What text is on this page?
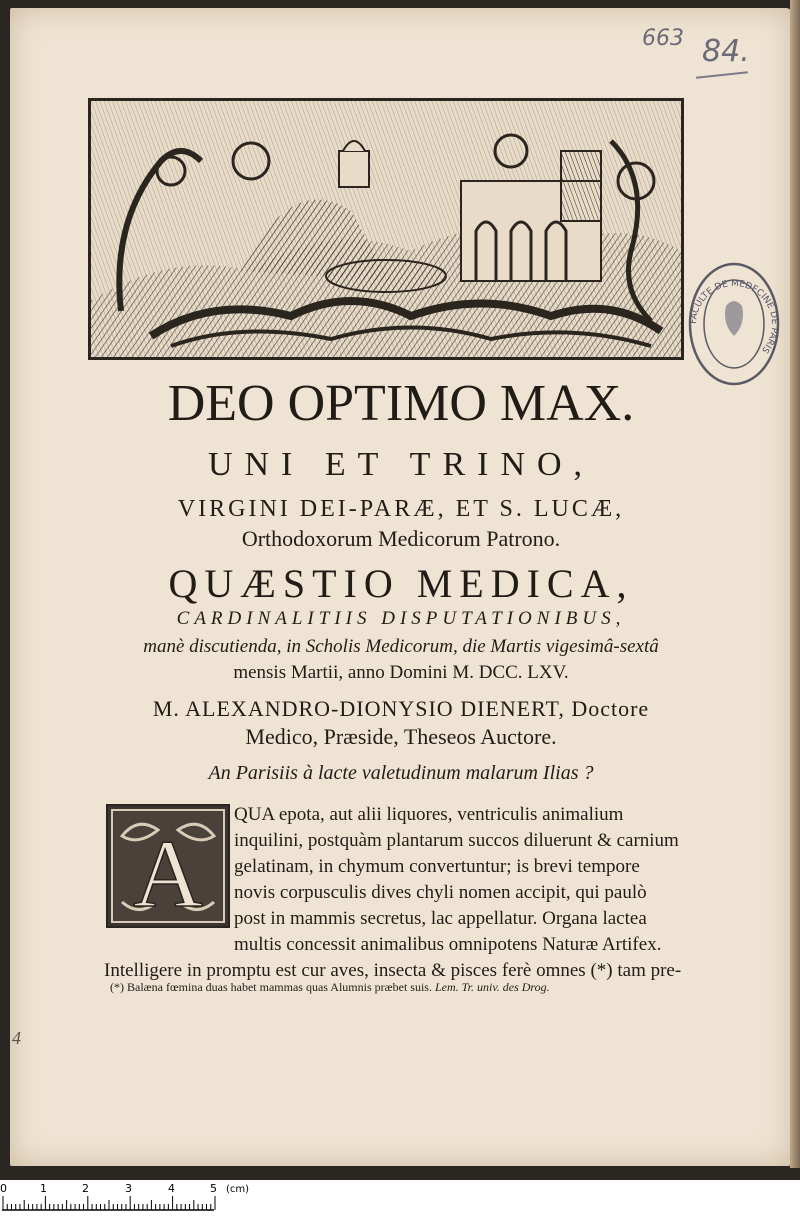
663 84.
4
FACULTE DE MEDECINE DE PARIS
DEO OPTIMO MAX.
UNI ET TRINO,
VIRGINI DEI-PARÆ, ET S. LUCÆ,
Orthodoxorum Medicorum Patrono.
QUÆSTIO MEDICA,
CARDINALITIIS DISPUTATIONIBUS,
manè discutienda, in Scholis Medicorum, die Martis vigesimâ-sextâ
mensis Martii, anno Domini M. DCC. LXV.
M. ALEXANDRO-DIONYSIO DIENERT, Doctore
Medico, Præside, Theseos Auctore.
An Parisiis à lacte valetudinum malarum Ilias ?
A
QUA epota, aut alii liquores, ventriculis animalium
inquilini, postquàm plantarum succos diluerunt & carnium
gelatinam, in chymum convertuntur; is brevi tempore
novis corpusculis dives chyli nomen accipit, qui paulò
post in mammis secretus, lac appellatur. Organa lactea
multis concessit animalibus omnipotens Naturæ Artifex.
Intelligere in promptu est cur aves, insecta & pisces ferè omnes (*) tam pre-
(*) Balæna fœmina duas habet mammas quas Alumnis præbet suis. Lem. Tr. univ. des Drog.
0	1	2	3	4	5 (cm)
